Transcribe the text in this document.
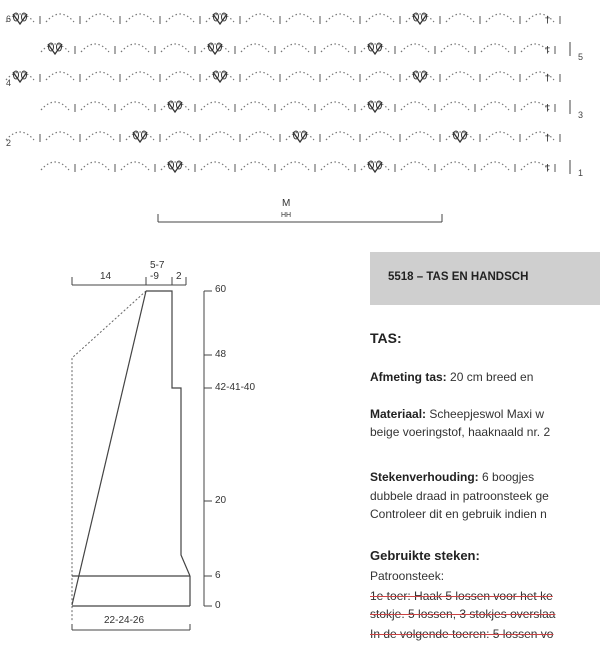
†
†
†
†
†
†
6
4
2
5
3
1
M
HH
14
5-7
-9 2
22-24-26
60
48
42-41-40
20
6
0
5518 – TAS EN HANDSCH
TAS:
Afmeting tas: 20 cm breed en
Materiaal: Scheepjeswol Maxi w
beige voeringstof, haaknaald nr. 2
Stekenverhouding: 6 boogjes
dubbele draad in patroonsteek ge
Controleer dit en gebruik indien n
Gebruikte steken:
Patroonsteek:
1e toer: Haak 5 lossen voor het ke
stokje. 5 lossen, 3 stokjes overslaa
In de volgende toeren: 5 lossen vo
